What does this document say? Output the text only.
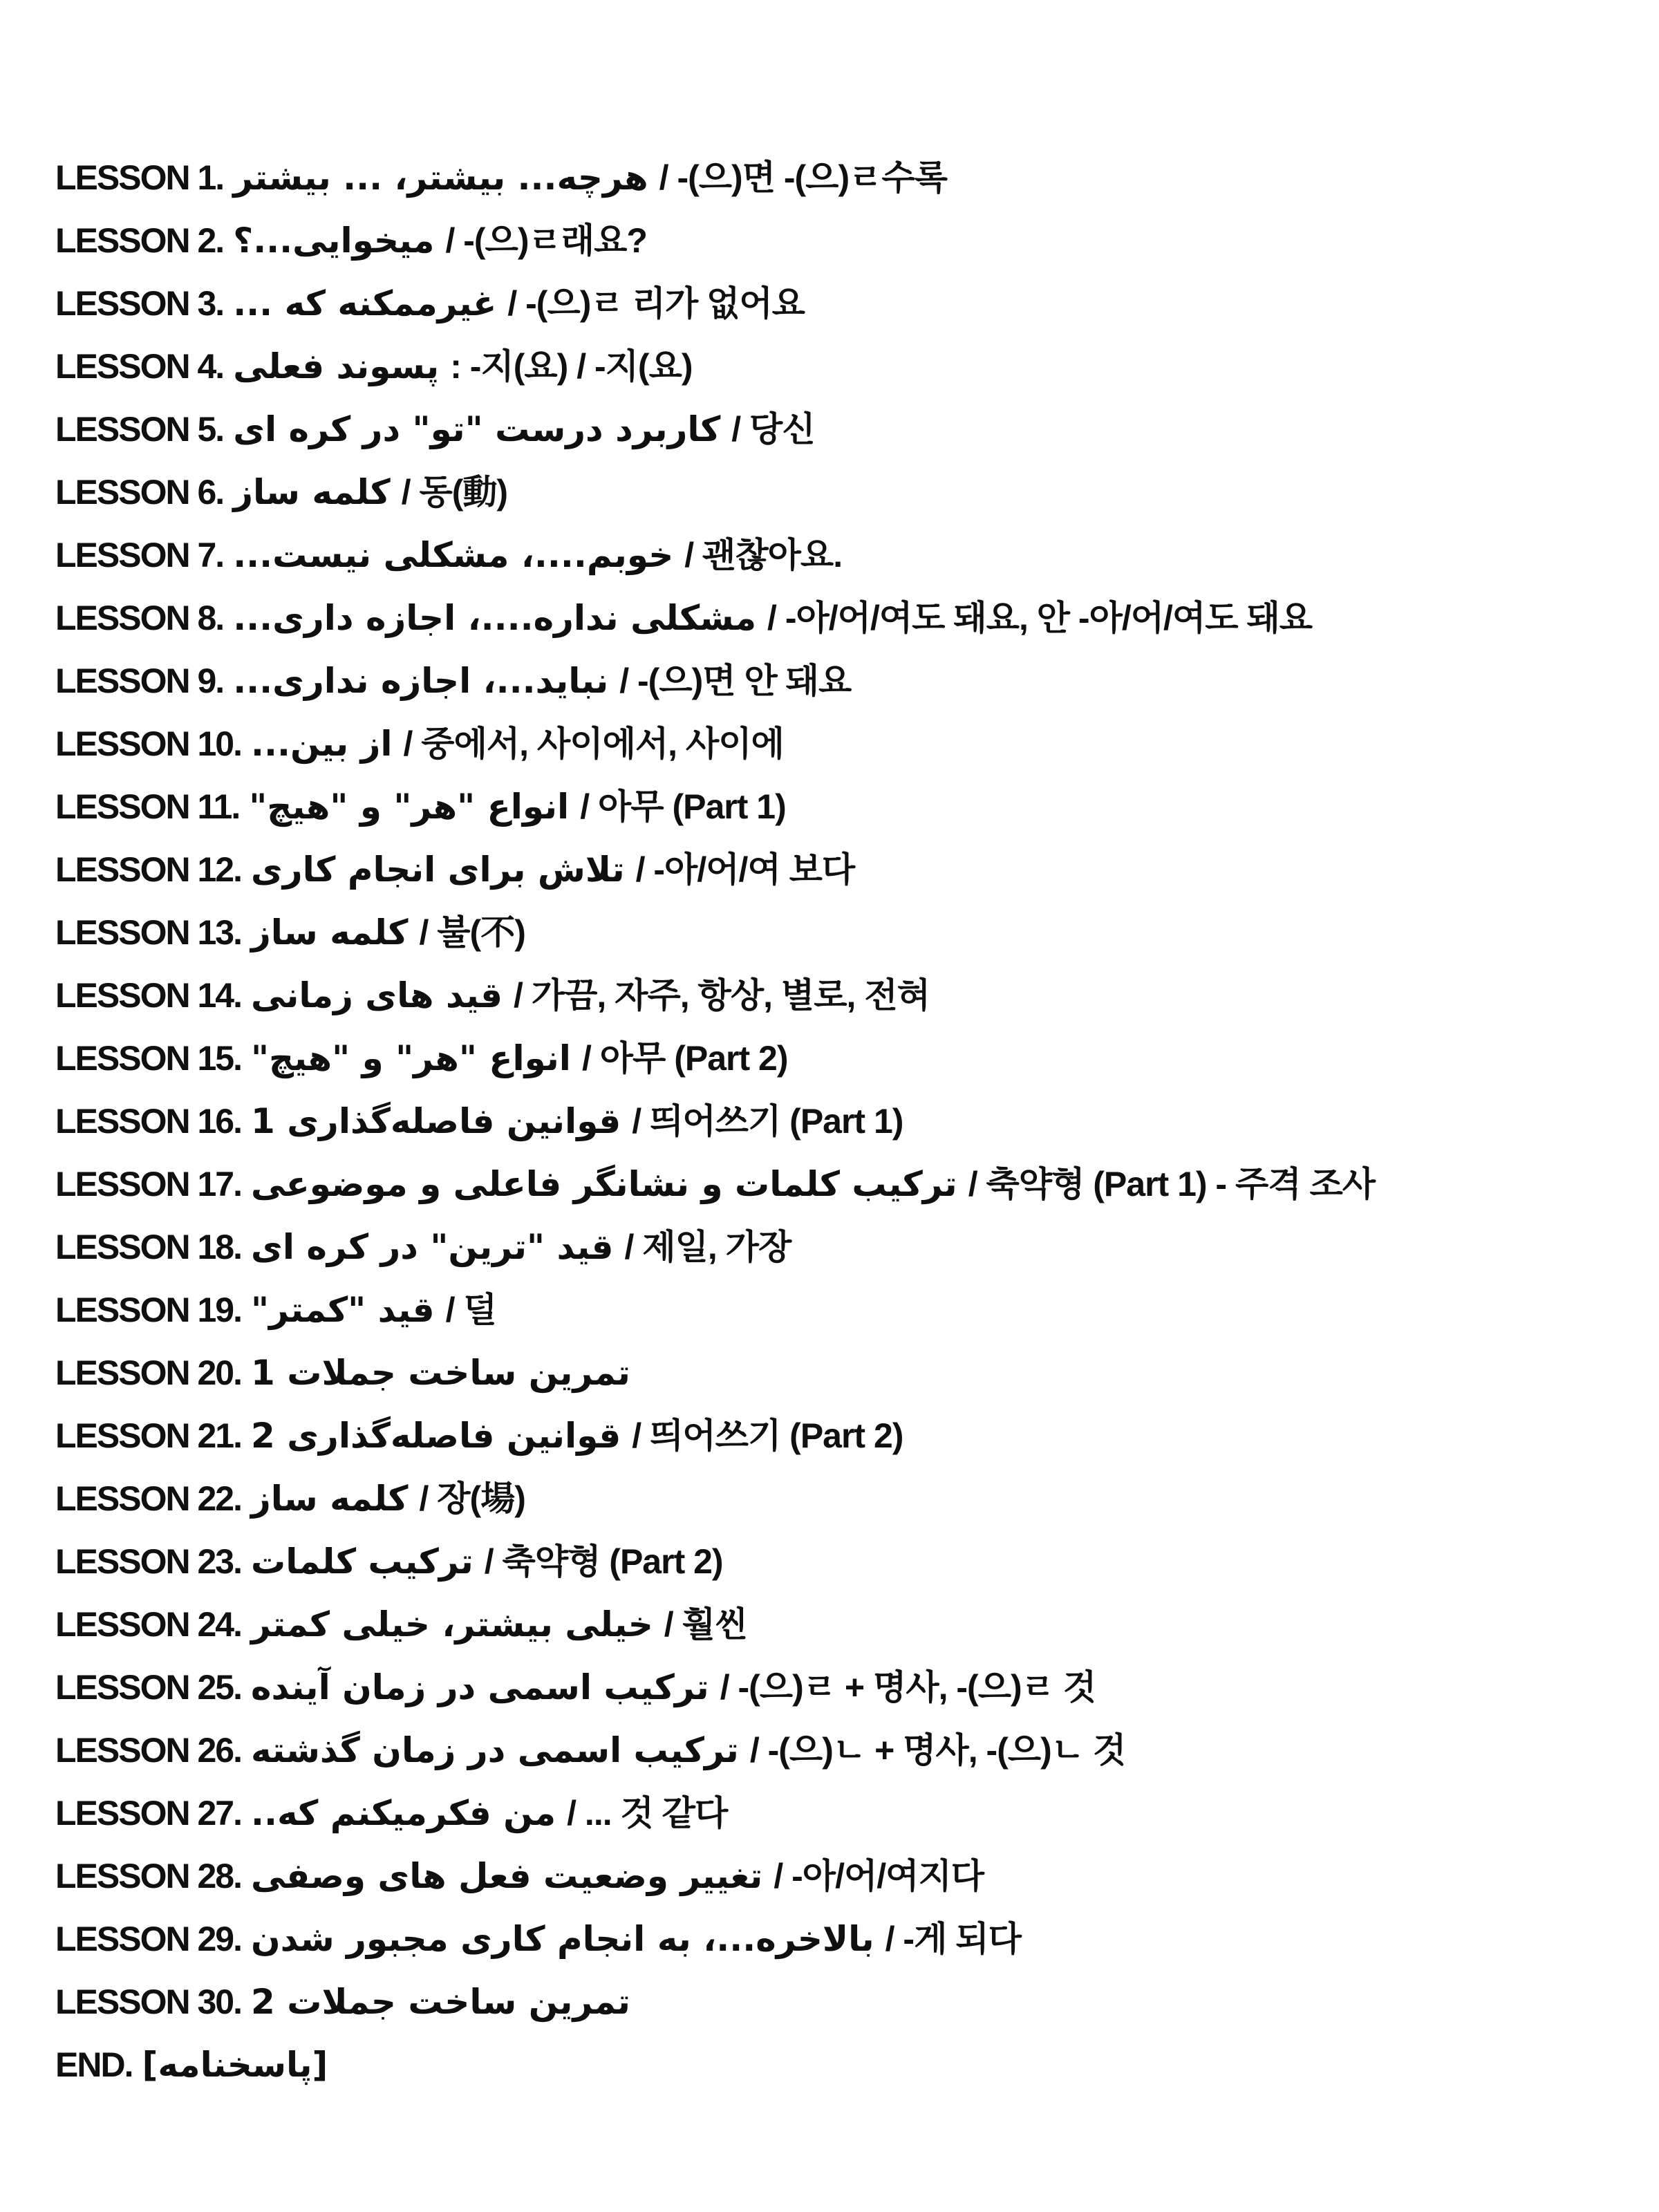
LESSON 1. هرچه... بیشتر، ... بیشتر / -(으)면 -(으)ㄹ수록
LESSON 2. میخوایی...؟ / -(으)ㄹ래요?
LESSON 3. غیرممکنه که ... / -(으)ㄹ 리가 없어요
LESSON 4. پسوند فعلی : -지(요) / -지(요)
LESSON 5. کاربرد درست "تو" در کره ای / 당신
LESSON 6. کلمه ساز / 동(動)
LESSON 7. خوبم....، مشکلی نیست... / 괜찮아요.
LESSON 8. مشکلی نداره....، اجازه داری... / -아/어/여도 돼요, 안 -아/어/여도 돼요
LESSON 9. نباید...، اجازه نداری... / -(으)면 안 돼요
LESSON 10. از بین... / 중에서, 사이에서, 사이에
LESSON 11. انواع "هر" و "هیچ" / 아무 (Part 1)
LESSON 12. تلاش برای انجام کاری / -아/어/여 보다
LESSON 13. کلمه ساز / 불(不)
LESSON 14. قید های زمانی / 가끔, 자주, 항상, 별로, 전혀
LESSON 15. انواع "هر" و "هیچ" / 아무 (Part 2)
LESSON 16. قوانین فاصله‌گذاری 1 / 띄어쓰기 (Part 1)
LESSON 17. ترکیب کلمات و نشانگر فاعلی و موضوعی / 축약형 (Part 1) - 주격 조사
LESSON 18. قید "ترین" در کره ای / 제일, 가장
LESSON 19. قید "کمتر" / 덜
LESSON 20. تمرین ساخت جملات 1
LESSON 21. قوانین فاصله‌گذاری 2 / 띄어쓰기 (Part 2)
LESSON 22. کلمه ساز / 장(場)
LESSON 23. ترکیب کلمات / 축약형 (Part 2)
LESSON 24. خیلی بیشتر، خیلی کمتر / 훨씬
LESSON 25. ترکیب اسمی در زمان آینده / -(으)ㄹ + 명사, -(으)ㄹ 것
LESSON 26. ترکیب اسمی در زمان گذشته / -(으)ㄴ + 명사, -(으)ㄴ 것
LESSON 27. من فکرمیکنم که.. / ... 것 같다
LESSON 28. تغییر وضعیت فعل های وصفی / -아/어/여지다
LESSON 29. بالاخره...، به انجام کاری مجبور شدن / -게 되다
LESSON 30. تمرین ساخت جملات 2
END. [پاسخنامه]
